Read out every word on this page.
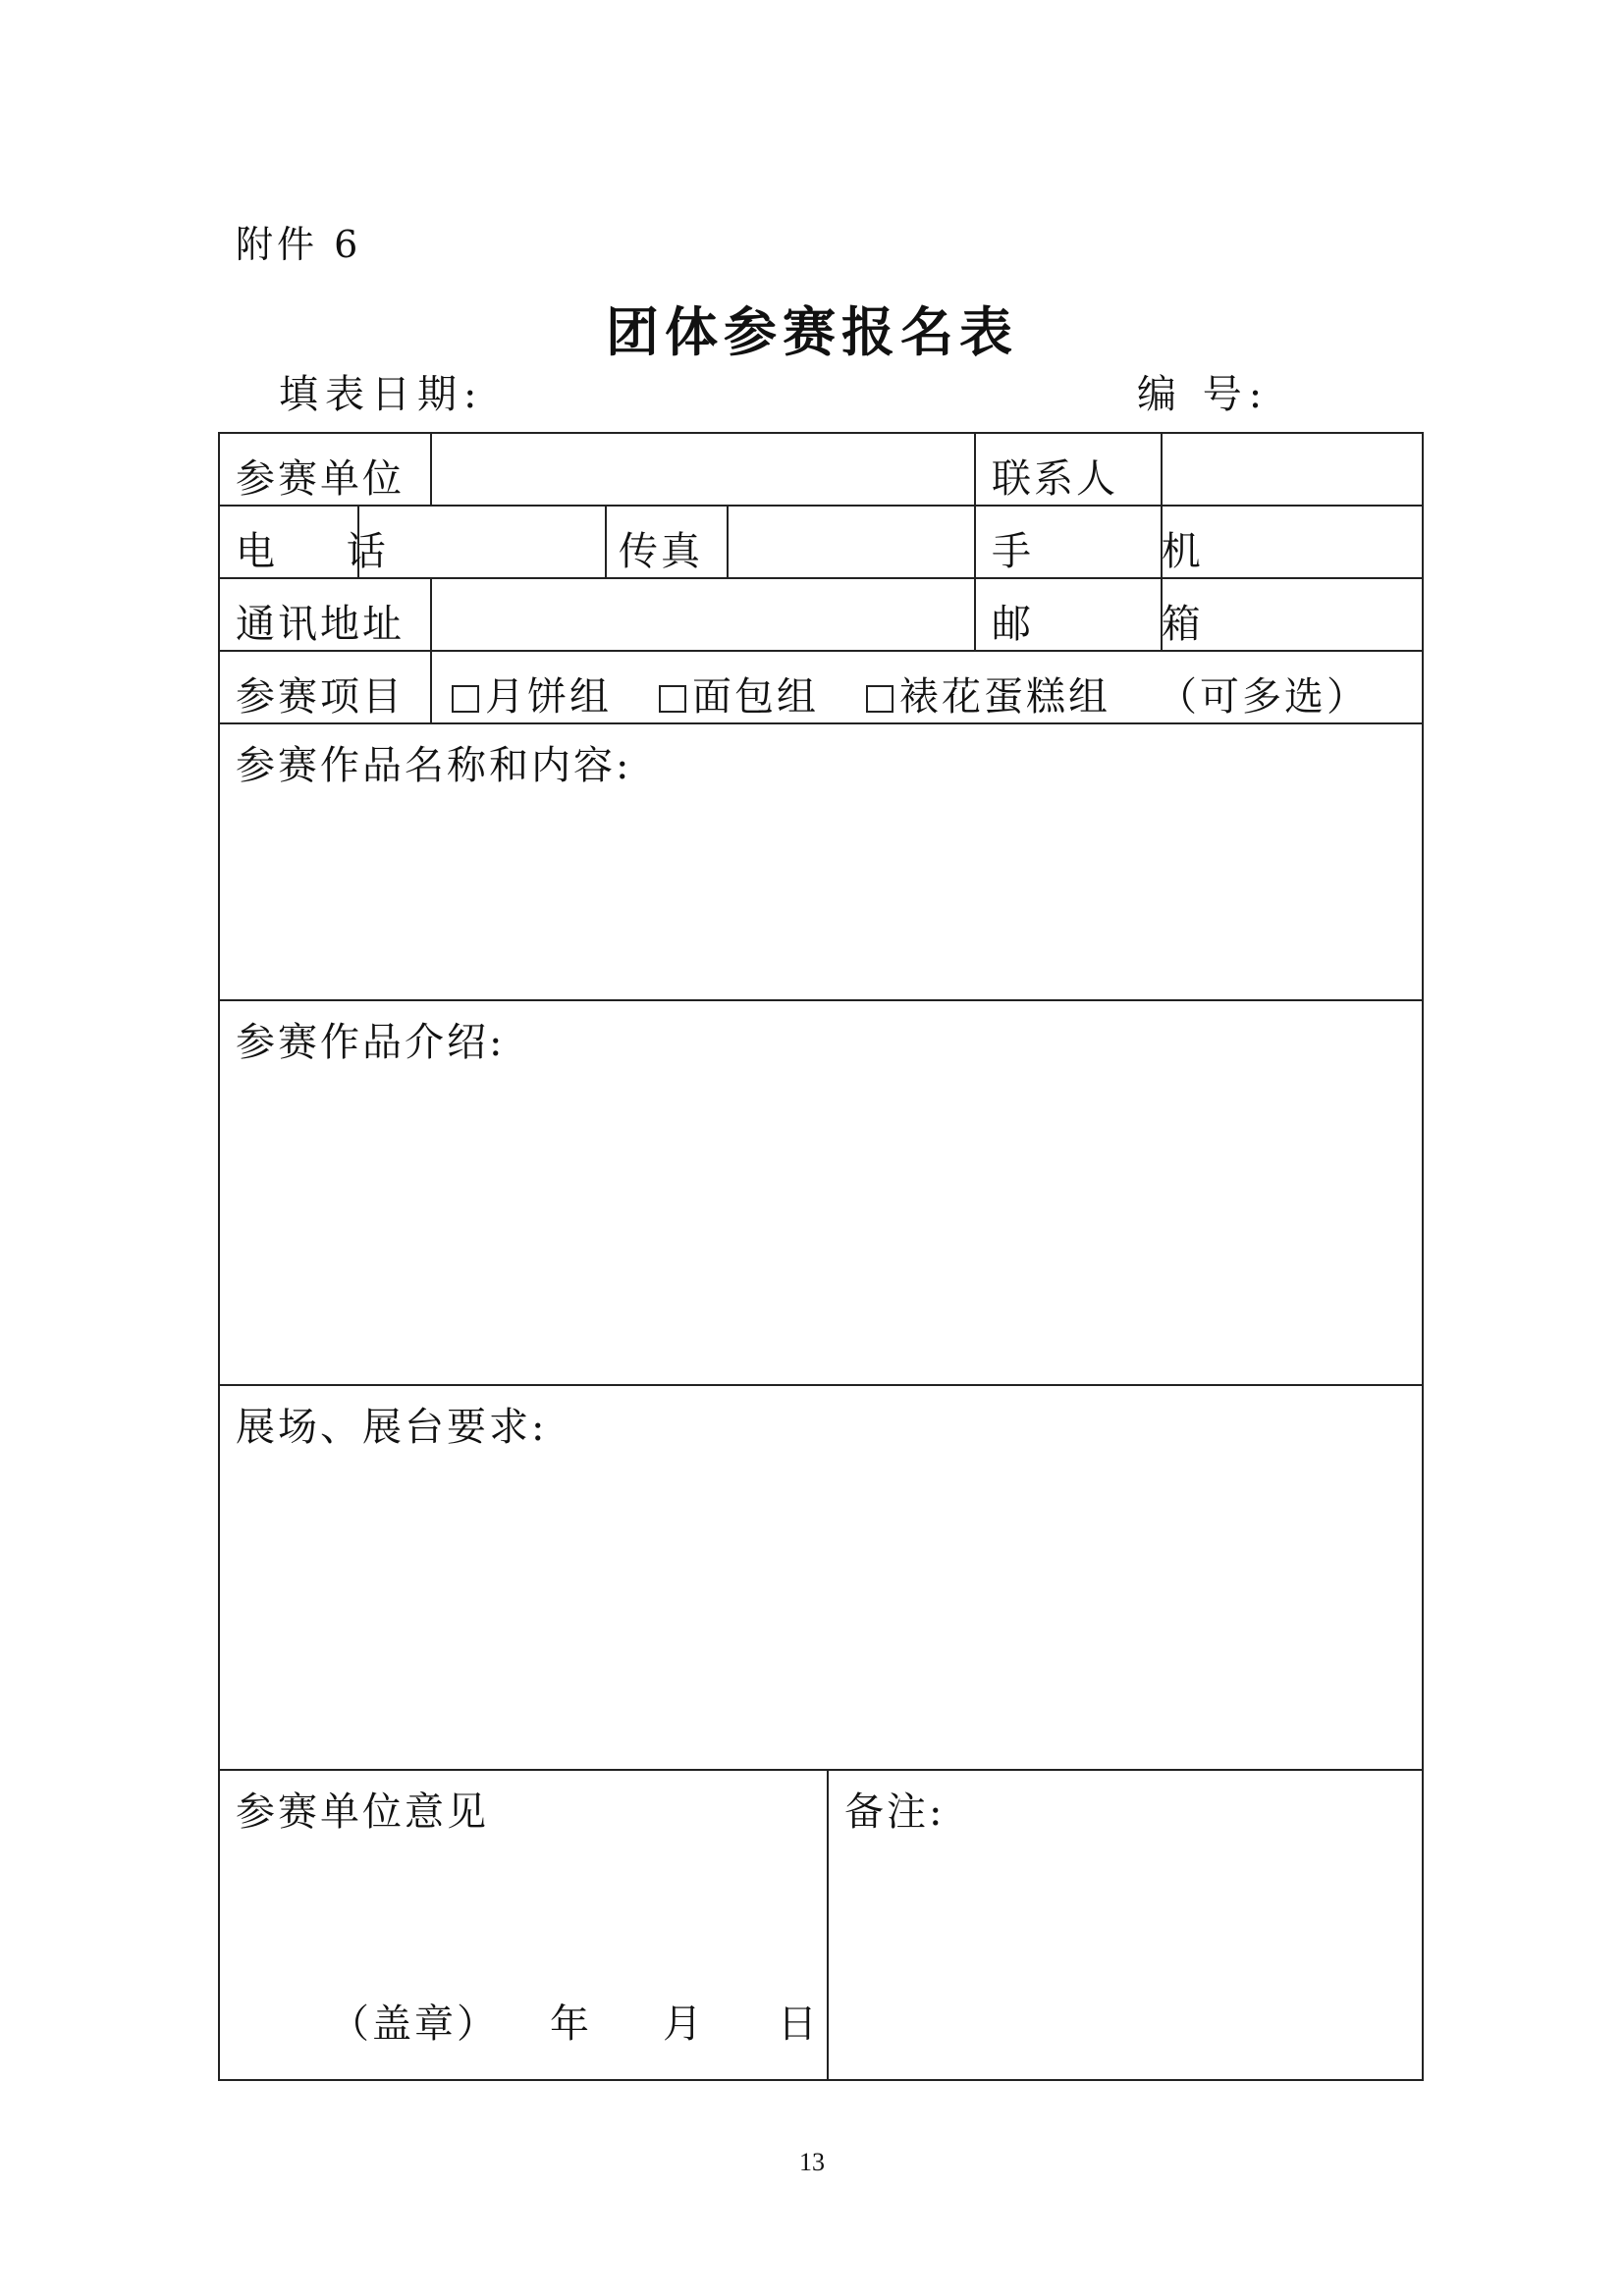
附件 6
团体参赛报名表
填表日期:	编 号:
参赛单位	联系人
电 话	传真	手 机
通讯地址	邮 箱
参赛项目	月饼组 面包组 裱花蛋糕组 （可多选）
参赛作品名称和内容:
参赛作品介绍:
展场、展台要求:
参赛单位意见	备注:
（盖章） 年 月 日
13
